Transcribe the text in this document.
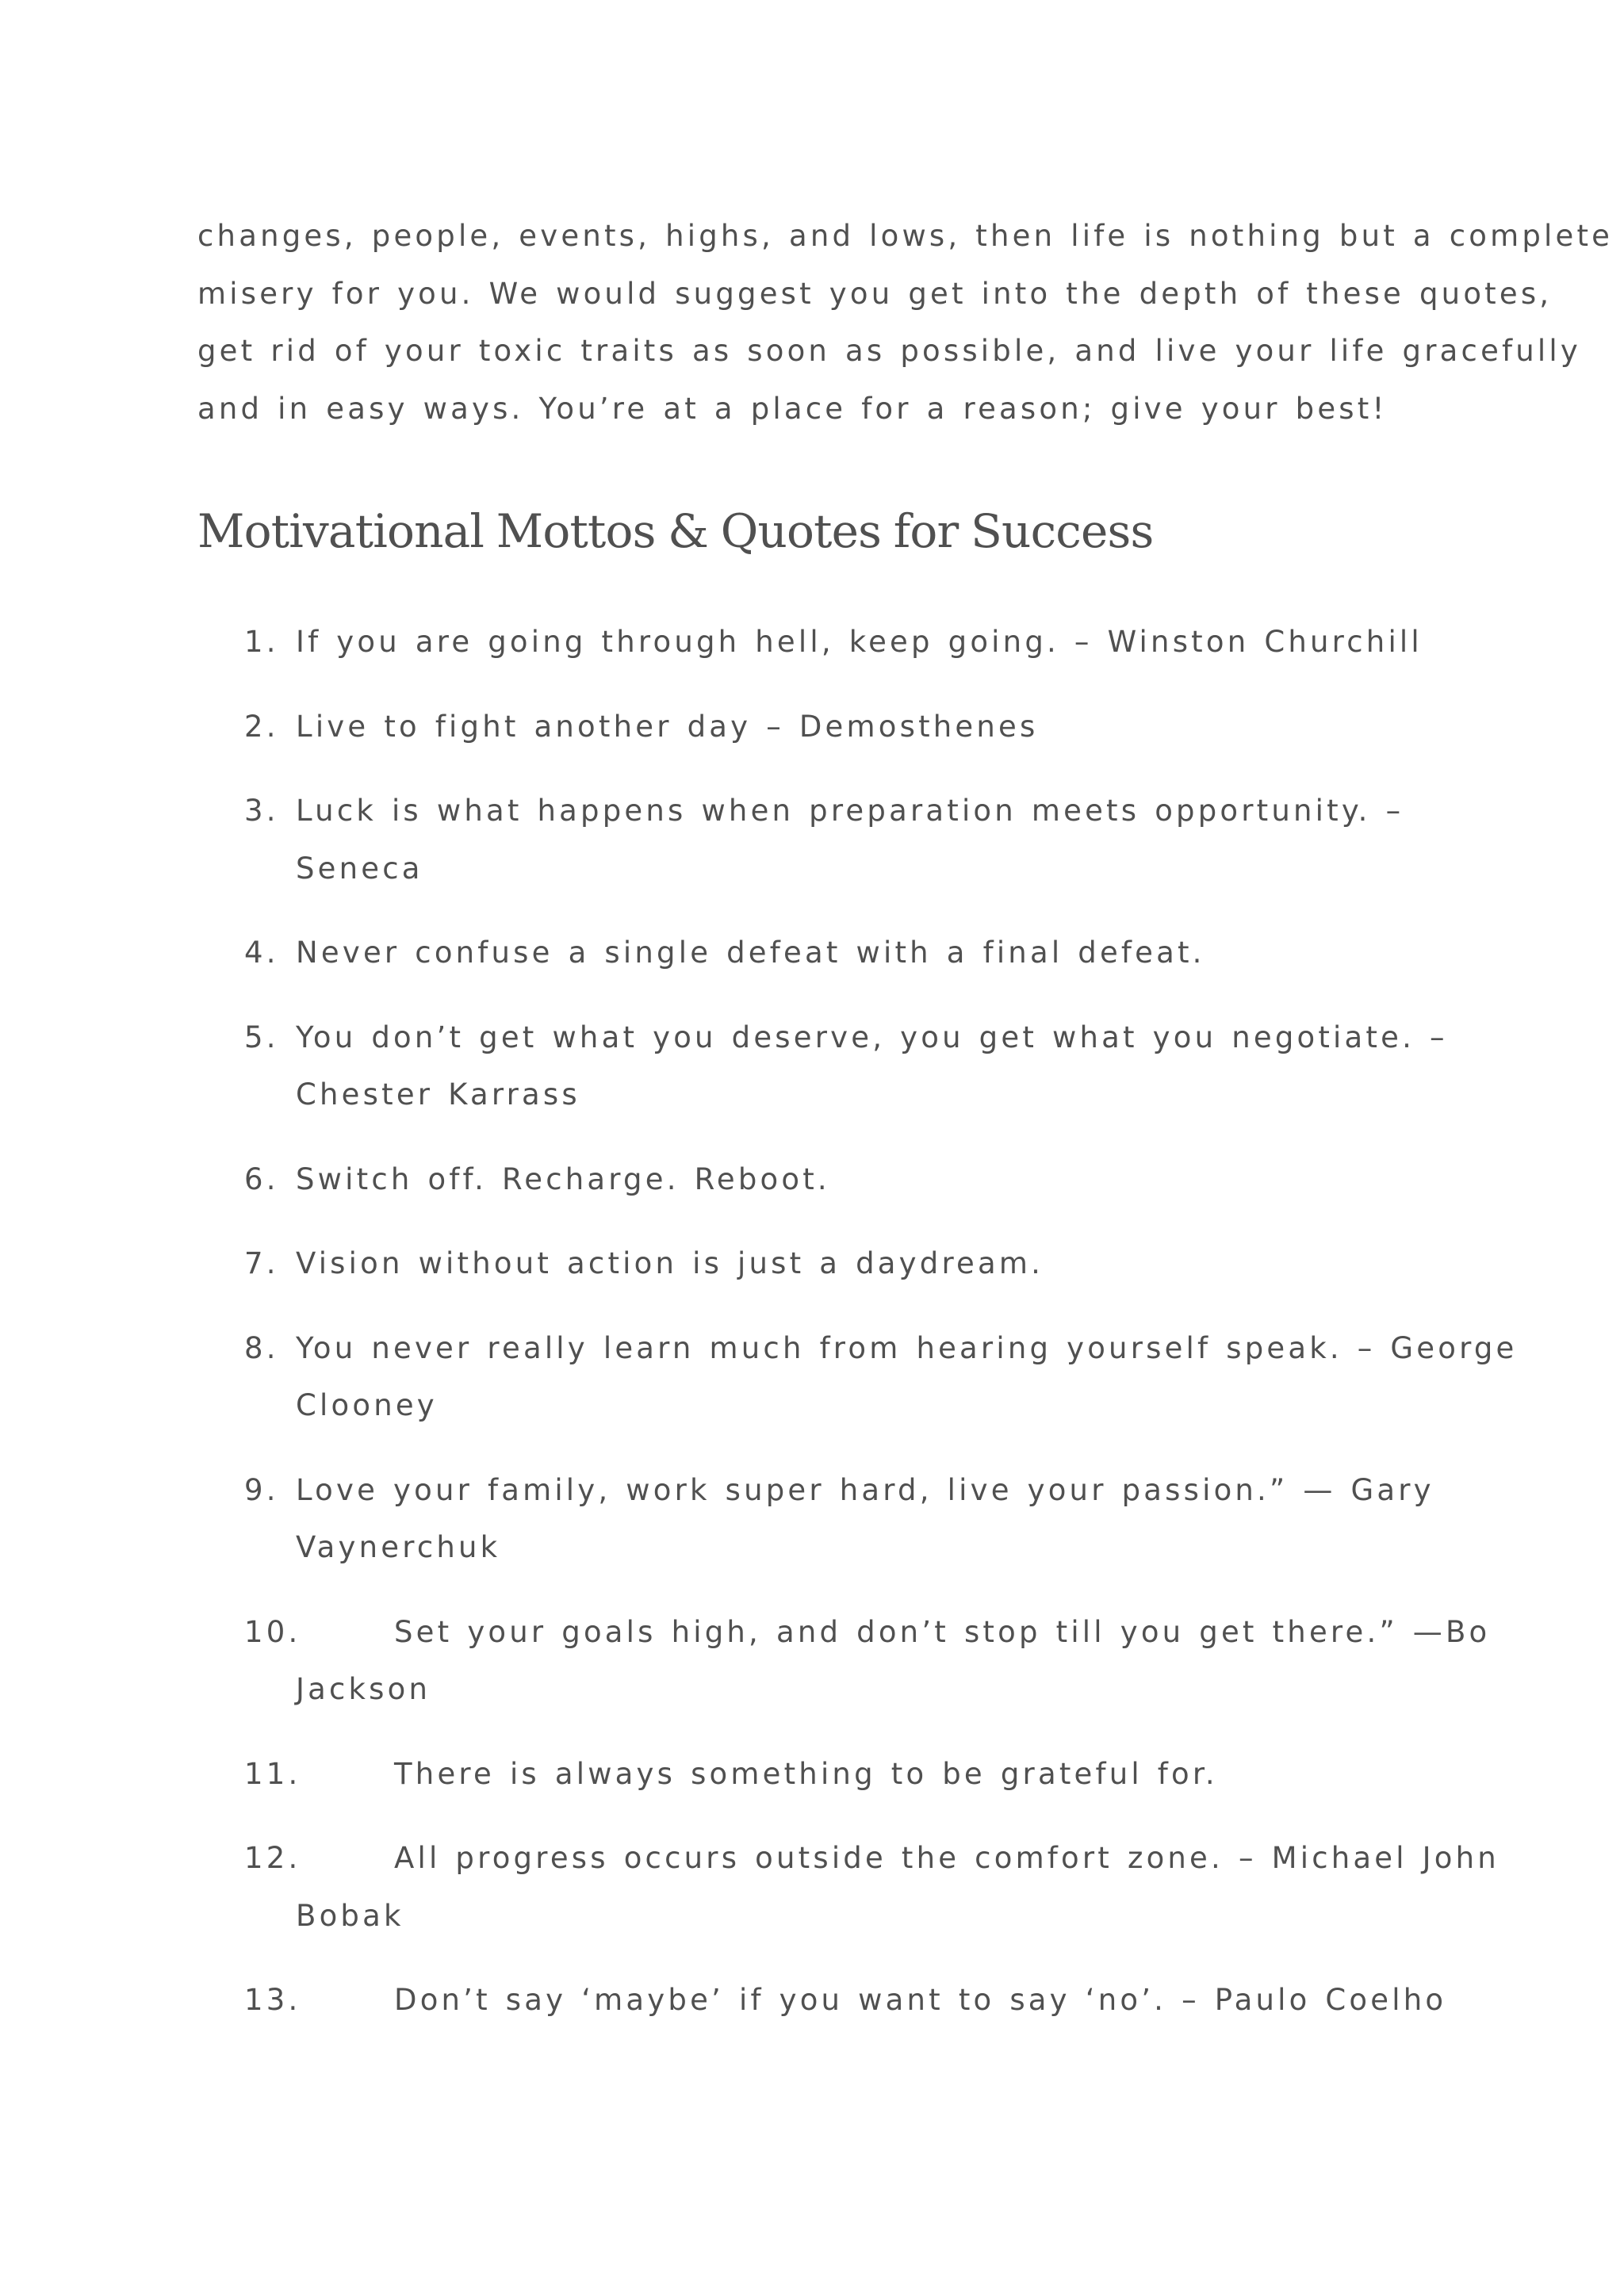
changes, people, events, highs, and lows, then life is nothing but a complete
misery for you. We would suggest you get into the depth of these quotes,
get rid of your toxic traits as soon as possible, and live your life gracefully
and in easy ways. You’re at a place for a reason; give your best!

Motivational Mottos & Quotes for Success
1. If you are going through hell, keep going. – Winston Churchill
2. Live to fight another day – Demosthenes
3. Luck is what happens when preparation meets opportunity. –
Seneca
4. Never confuse a single defeat with a final defeat.
5. You don’t get what you deserve, you get what you negotiate. –
Chester Karrass
6. Switch off. Recharge. Reboot.
7. Vision without action is just a daydream.
8. You never really learn much from hearing yourself speak. – George
Clooney
9. Love your family, work super hard, live your passion.” — Gary
Vaynerchuk
10.	Set your goals high, and don’t stop till you get there.” —Bo
Jackson
11.	There is always something to be grateful for.
12.	All progress occurs outside the comfort zone. – Michael John
Bobak
13.	Don’t say ‘maybe’ if you want to say ‘no’. – Paulo Coelho
